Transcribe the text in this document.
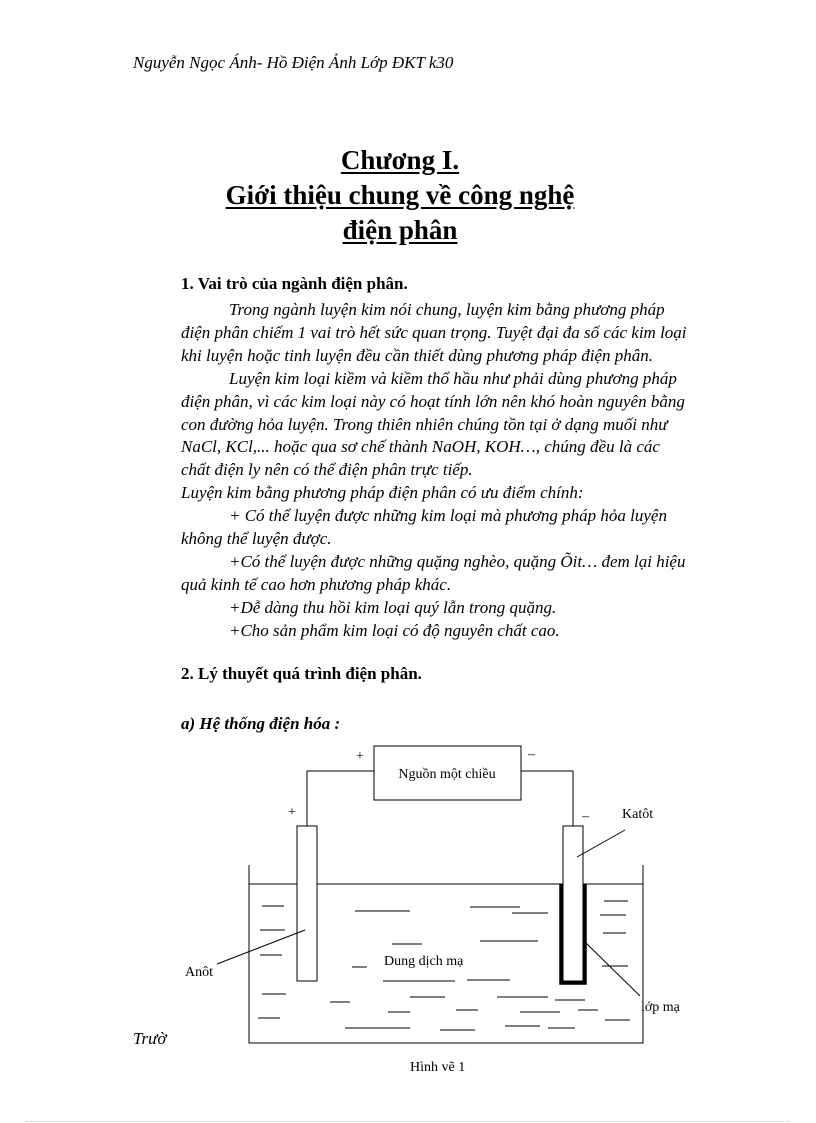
Nguyễn Ngọc Ánh- Hồ Điện Ảnh Lớp ĐKT k30
Chương I.
Giới thiệu chung về công nghệ
điện phân
1. Vai trò của ngành điện phân.
Trong ngành luyện kim nói chung, luyện kim bằng phương pháp
điện phân chiếm 1 vai trò hết sức quan trọng. Tuyệt đại đa số các kim loại
khi luyện hoặc tinh luyện đều cần thiết dùng phương pháp điện phân.
Luyện kim loại kiềm và kiềm thổ hầu như phải dùng phương pháp
điện phân, vì các kim loại này có hoạt tính lớn nên khó hoàn nguyên bằng
con đường hỏa luyện. Trong thiên nhiên chúng tồn tại ở dạng muối như
NaCl, KCl,... hoặc qua sơ chế thành NaOH, KOH…, chúng đều là các
chất điện ly nên có thể điện phân trực tiếp.
Luyện kim bằng phương pháp điện phân có ưu điểm chính:
+ Có thể luyện được những kim loại mà phương pháp hỏa luyện
không thể luyện được.
+Có thể luyện được những quặng nghèo, quặng Õit… đem lại hiệu
quả kinh tế cao hơn phương pháp khác.
+Dễ dàng thu hồi kim loại quý lẫn trong quặng.
+Cho sản phẩm kim loại có độ nguyên chất cao.
2. Lý thuyết quá trình điện phân.
a) Hệ thống điện hóa :
Nguồn một chiều
+	–
+	– Katôt
Anôt
Dung dịch mạ
lớp mạ
Hình vẽ 1
Trườ
